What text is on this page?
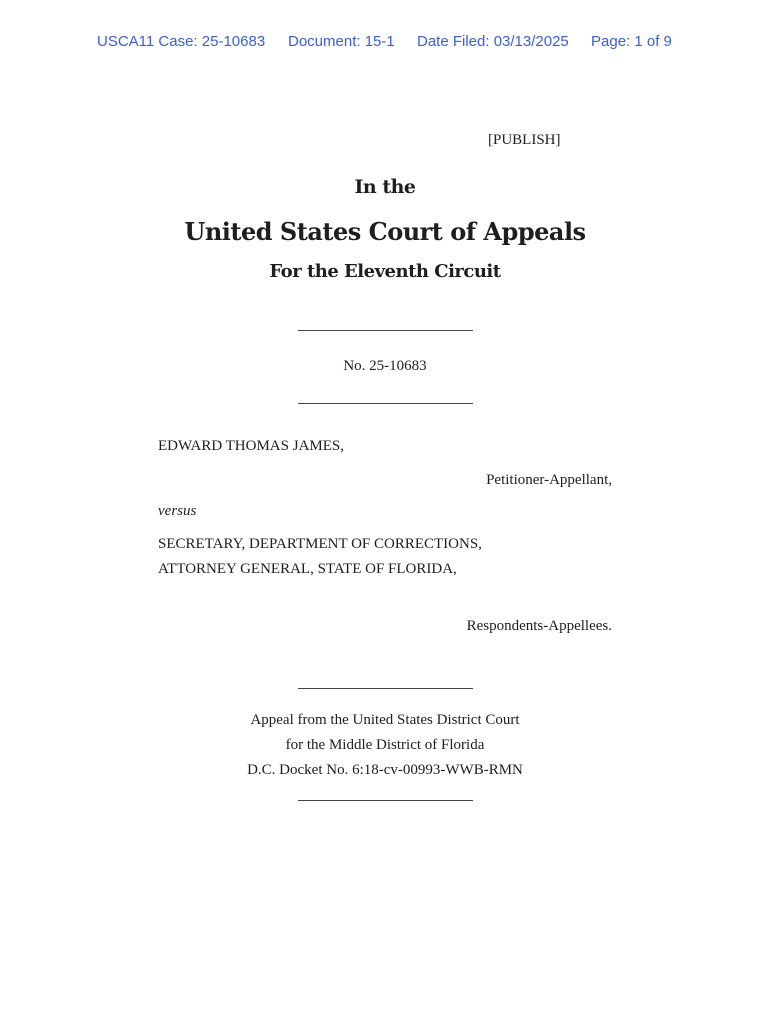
USCA11 Case: 25-10683 Document: 15-1 Date Filed: 03/13/2025 Page: 1 of 9
[PUBLISH]
In the
United States Court of Appeals
For the Eleventh Circuit
No. 25-10683
EDWARD THOMAS JAMES,
Petitioner-Appellant,
versus
SECRETARY, DEPARTMENT OF CORRECTIONS,
ATTORNEY GENERAL, STATE OF FLORIDA,
Respondents-Appellees.
Appeal from the United States District Court
for the Middle District of Florida
D.C. Docket No. 6:18-cv-00993-WWB-RMN
